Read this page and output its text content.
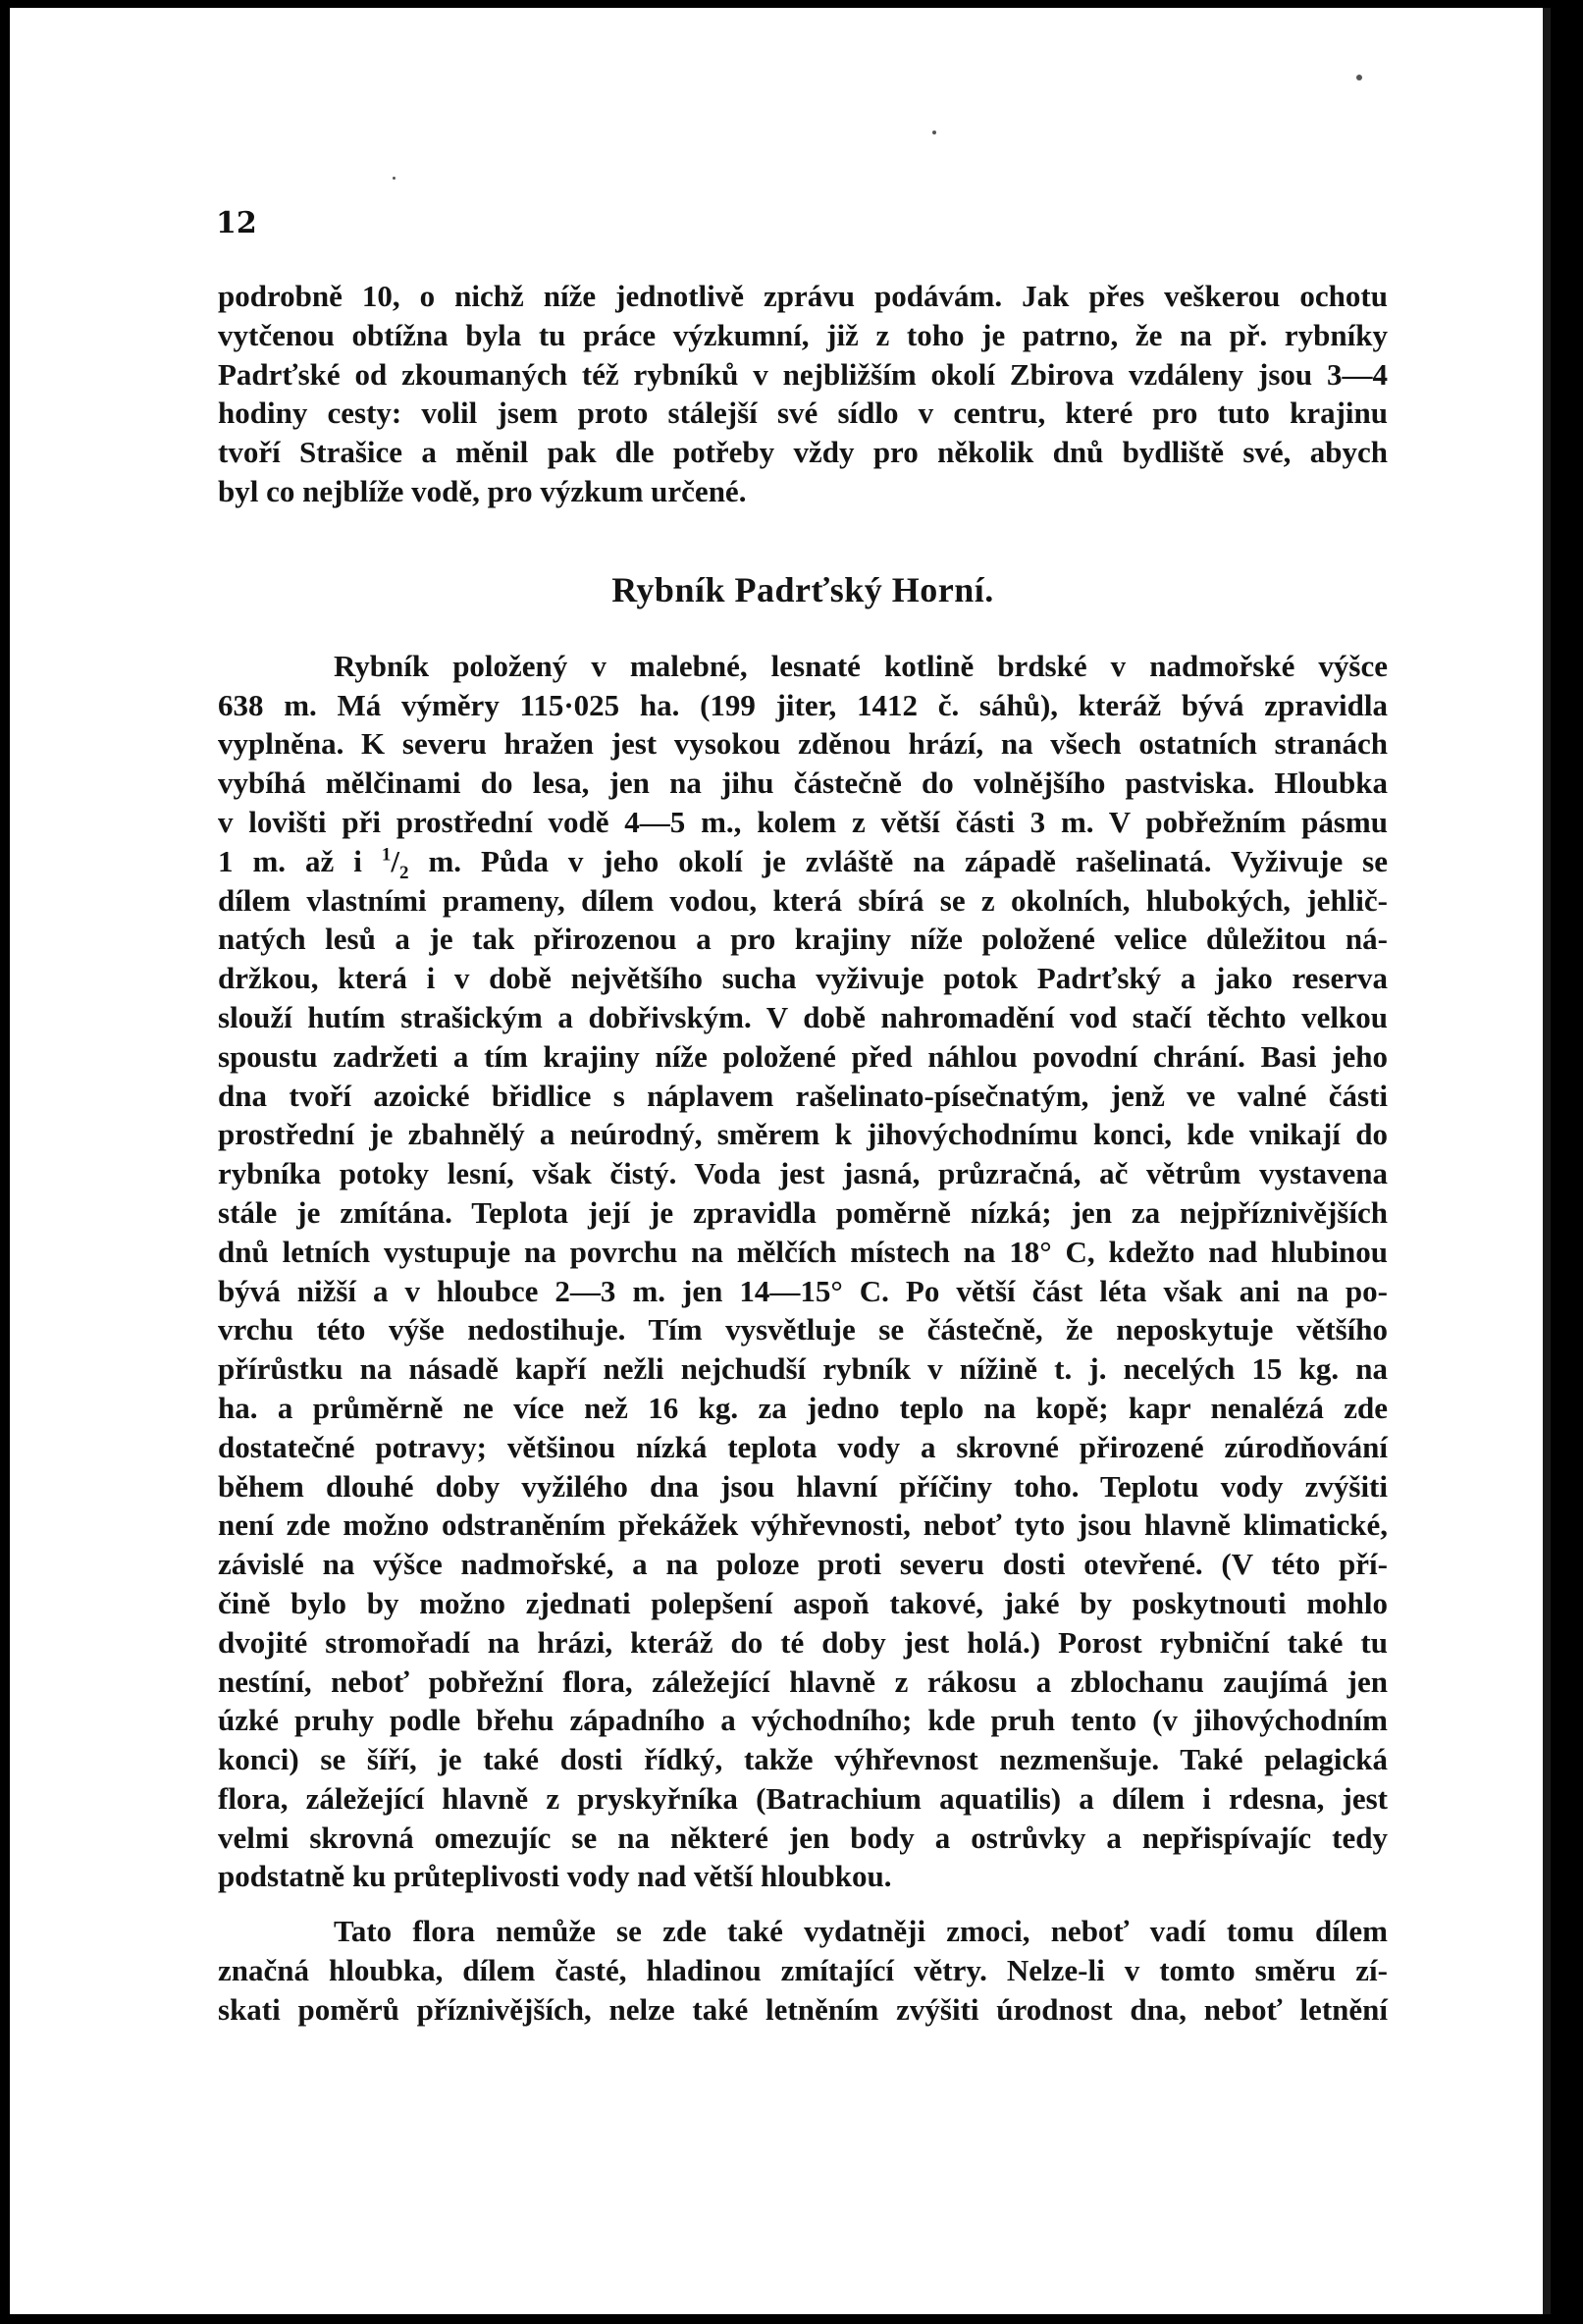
12

podrobně 10, o nichž níže jednotlivě zprávu podávám. Jak přes veškerou ochotu
vytčenou obtížna byla tu práce výzkumní, již z toho je patrno, že na př. rybníky
Padrťské od zkoumaných též rybníků v nejbližším okolí Zbirova vzdáleny jsou 3—4
hodiny cesty: volil jsem proto stálejší své sídlo v centru, které pro tuto krajinu
tvoří Strašice a měnil pak dle potřeby vždy pro několik dnů bydliště své, abych
byl co nejblíže vodě, pro výzkum určené.

Rybník Padrťský Horní.

Rybník položený v malebné, lesnaté kotlině brdské v nadmořské výšce
638 m. Má výměry 115·025 ha. (199 jiter, 1412 č. sáhů), kteráž bývá zpravidla
vyplněna. K severu hražen jest vysokou zděnou hrází, na všech ostatních stranách
vybíhá mělčinami do lesa, jen na jihu částečně do volnějšího pastviska. Hloubka
v lovišti při prostřední vodě 4—5 m., kolem z větší části 3 m. V pobřežním pásmu
1 m. až i $^1/_2$ m. Půda v jeho okolí je zvláště na západě rašelinatá. Vyživuje se
dílem vlastními prameny, dílem vodou, která sbírá se z okolních, hlubokých, jehlič-
natých lesů a je tak přirozenou a pro krajiny níže položené velice důležitou ná-
držkou, která i v době největšího sucha vyživuje potok Padrťský a jako reserva
slouží hutím strašickým a dobřivským. V době nahromadění vod stačí těchto velkou
spoustu zadržeti a tím krajiny níže položené před náhlou povodní chrání. Basi jeho
dna tvoří azoické břidlice s náplavem rašelinato-písečnatým, jenž ve valné části
prostřední je zbahnělý a neúrodný, směrem k jihovýchodnímu konci, kde vnikají do
rybníka potoky lesní, však čistý. Voda jest jasná, průzračná, ač větrům vystavena
stále je zmítána. Teplota její je zpravidla poměrně nízká; jen za nejpříznivějších
dnů letních vystupuje na povrchu na mělčích místech na 18° C, kdežto nad hlubinou
bývá nižší a v hloubce 2—3 m. jen 14—15° C. Po větší část léta však ani na po-
vrchu této výše nedostihuje. Tím vysvětluje se částečně, že neposkytuje většího
přírůstku na násadě kapří nežli nejchudší rybník v nížině t. j. necelých 15 kg. na
ha. a průměrně ne více než 16 kg. za jedno teplo na kopě; kapr nenalézá zde
dostatečné potravy; většinou nízká teplota vody a skrovné přirozené zúrodňování
během dlouhé doby vyžilého dna jsou hlavní příčiny toho. Teplotu vody zvýšiti
není zde možno odstraněním překážek výhřevnosti, neboť tyto jsou hlavně klimatické,
závislé na výšce nadmořské, a na poloze proti severu dosti otevřené. (V této pří-
čině bylo by možno zjednati polepšení aspoň takové, jaké by poskytnouti mohlo
dvojité stromořadí na hrázi, kteráž do té doby jest holá.) Porost rybniční také tu
nestíní, neboť pobřežní flora, záležející hlavně z rákosu a zblochanu zaujímá jen
úzké pruhy podle břehu západního a východního; kde pruh tento (v jihovýchodním
konci) se šíří, je také dosti řídký, takže výhřevnost nezmenšuje. Také pelagická
flora, záležející hlavně z pryskyřníka (Batrachium aquatilis) a dílem i rdesna, jest
velmi skrovná omezujíc se na některé jen body a ostrůvky a nepřispívajíc tedy
podstatně ku průteplivosti vody nad větší hloubkou.

Tato flora nemůže se zde také vydatněji zmoci, neboť vadí tomu dílem
značná hloubka, dílem časté, hladinou zmítající větry. Nelze-li v tomto směru zí-
skati poměrů příznivějších, nelze také letněním zvýšiti úrodnost dna, neboť letnění
